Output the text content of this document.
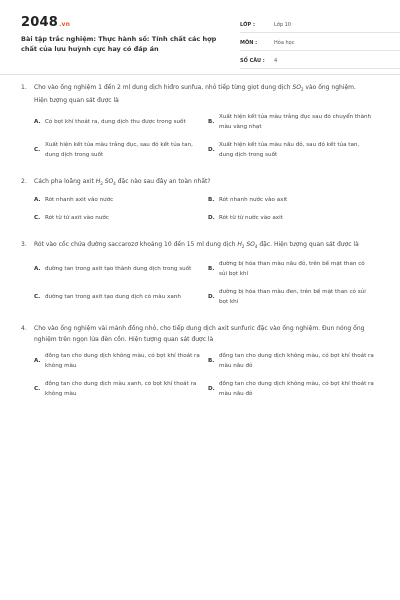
2048.vn
Bài tập trắc nghiệm: Thực hành số: Tính chất các hợp chất của lưu huỳnh cực hay có đáp án
LỚP :	Lớp 10
MÔN :	Hóa học
SỐ CÂU :	4
1.	Cho vào ống nghiệm 1 đến 2 ml dung dịch hiđro sunfua, nhỏ tiếp từng giọt dung dịch $SO_2$ vào ống nghiệm. Hiện tượng quan sát được là
A. Có bọt khí thoát ra, dung dịch thu được trong suốt	B.
Xuất hiện kết tủa màu trắng đục sau đó chuyển thành màu vàng nhạt
C.
Xuất hiện kết tủa màu trắng đục, sau đó kết tủa tan, dung dịch trong suốt
D.
Xuất hiện kết tủa màu nâu đỏ, sau đó kết tủa tan, dung dịch trong suốt
2.	Cách pha loãng axit $H_2$ $SO_4$ đặc nào sau đây an toàn nhất?
A. Rót nhanh axit vào nước	B. Rót nhanh nước vào axit
C. Rót từ từ axit vào nước	D. Rót từ từ nước vào axit
3.	Rót vào cốc chứa đường saccarozơ khoảng 10 đến 15 ml dung dịch $H_2$ $SO_4$ đặc. Hiện tượng quan sát được là
A. đường tan trong axit tạo thành dung dịch trong suốt	B.
đường bị hóa than màu nâu đỏ, trên bề mặt than có sủi bọt khí
C. đường tan trong axit tạo dung dịch có màu xanh	D.
đường bị hóa than màu đen, trên bề mặt than có sủi bọt khí
4.	Cho vào ống nghiệm vài mảnh đồng nhỏ, cho tiếp dung dịch axit sunfuric đặc vào ống nghiệm. Đun nóng ống nghiệm trên ngọn lửa đèn cồn. Hiện tượng quan sát được là
A.
đồng tan cho dung dịch không màu, có bọt khí thoát ra không màu
B.
đồng tan cho dung dịch không màu, có bọt khí thoát ra màu nâu đỏ
C.
đồng tan cho dung dịch màu xanh, có bọt khí thoát ra không màu
D.
đồng tan cho dung dịch không màu, có bọt khí thoát ra màu nâu đỏ
